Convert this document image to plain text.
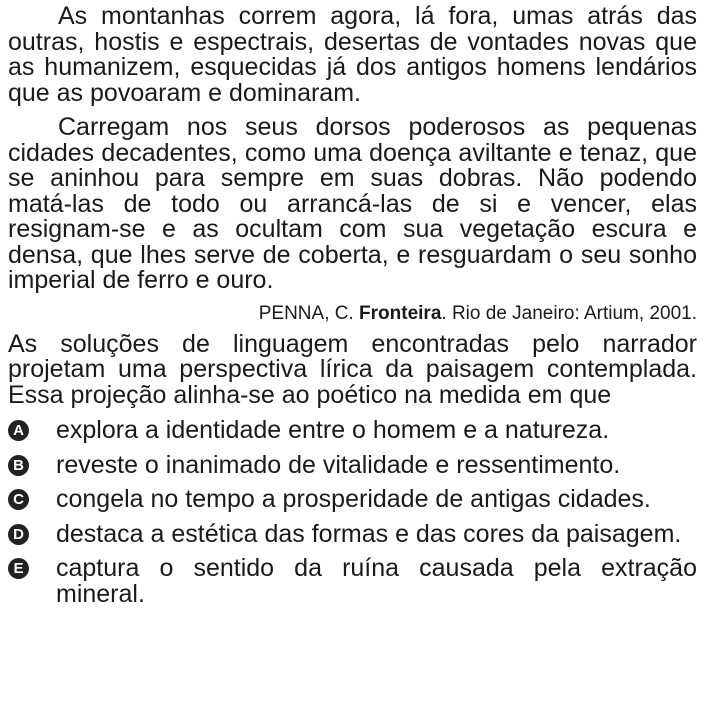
As montanhas correm agora, lá fora, umas atrás das outras, hostis e espectrais, desertas de vontades novas que as humanizem, esquecidas já dos antigos homens lendários que as povoaram e dominaram.

Carregam nos seus dorsos poderosos as pequenas cidades decadentes, como uma doença aviltante e tenaz, que se aninhou para sempre em suas dobras. Não podendo matá-las de todo ou arrancá-las de si e vencer, elas resignam-se e as ocultam com sua vegetação escura e densa, que lhes serve de coberta, e resguardam o seu sonho imperial de ferro e ouro.

PENNA, C. Fronteira. Rio de Janeiro: Artium, 2001.

As soluções de linguagem encontradas pelo narrador projetam uma perspectiva lírica da paisagem contemplada. Essa projeção alinha-se ao poético na medida em que

A explora a identidade entre o homem e a natureza.
B reveste o inanimado de vitalidade e ressentimento.
C congela no tempo a prosperidade de antigas cidades.
D destaca a estética das formas e das cores da paisagem.
E captura o sentido da ruína causada pela extração mineral.
